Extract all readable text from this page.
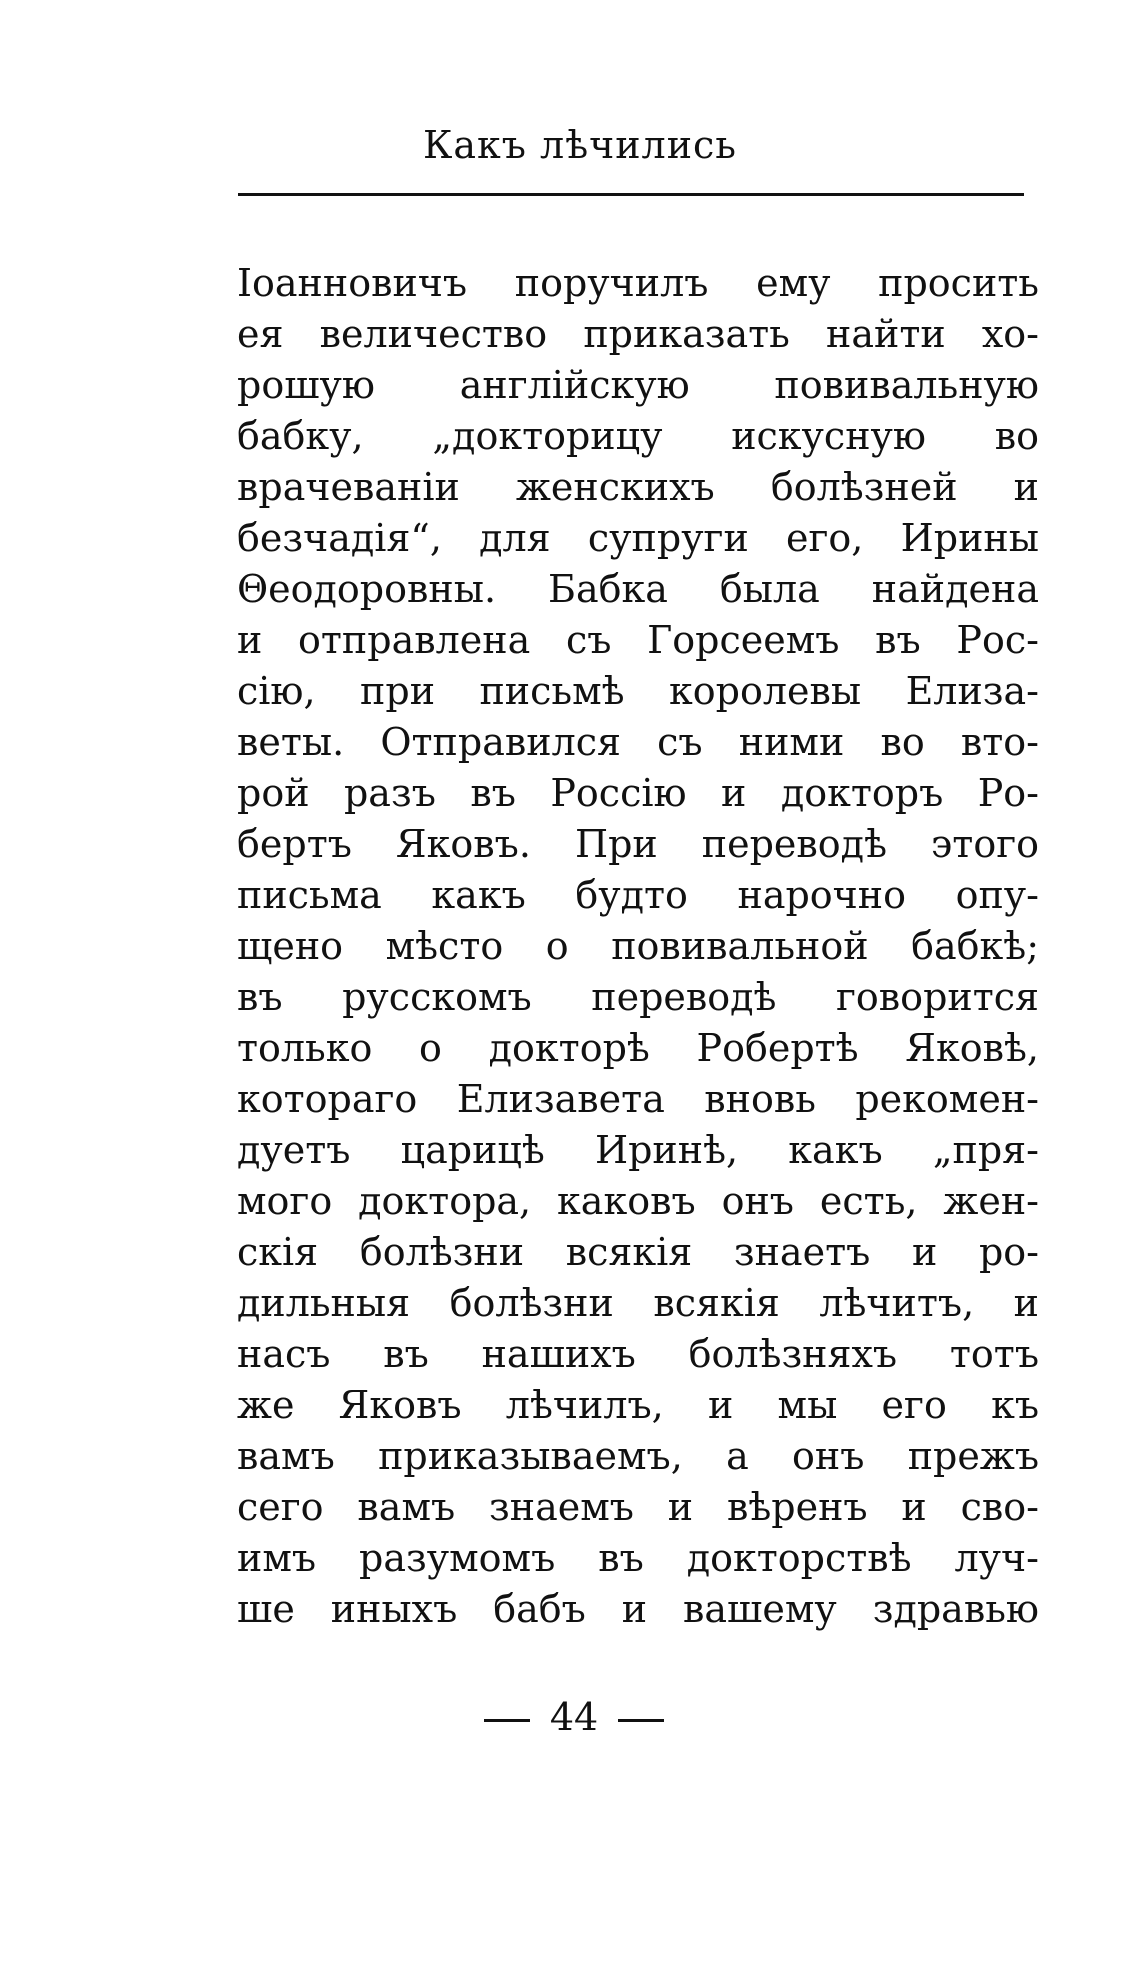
Какъ лѣчились
Іоанновичъ поручилъ ему просить
ея величество приказать найти хо-
рошую англійскую повивальную
бабку, „докторицу искусную во
врачеваніи женскихъ болѣзней и
безчадія“, для супруги его, Ирины
Θеодоровны. Бабка была найдена
и отправлена съ Горсеемъ въ Рос-
сію, при письмѣ королевы Елиза-
веты. Отправился съ ними во вто-
рой разъ въ Россію и докторъ Ро-
бертъ Яковъ. При переводѣ этого
письма какъ будто нарочно опу-
щено мѣсто о повивальной бабкѣ;
въ русскомъ переводѣ говорится
только о докторѣ Робертѣ Яковѣ,
котораго Елизавета вновь рекомен-
дуетъ царицѣ Иринѣ, какъ „пря-
мого доктора, каковъ онъ есть, жен-
скія болѣзни всякія знаетъ и ро-
дильныя болѣзни всякія лѣчитъ, и
насъ въ нашихъ болѣзняхъ тотъ
же Яковъ лѣчилъ, и мы его къ
вамъ приказываемъ, а онъ прежъ
сего вамъ знаемъ и вѣренъ и сво-
имъ разумомъ въ докторствѣ луч-
ше иныхъ бабъ и вашему здравью
44
